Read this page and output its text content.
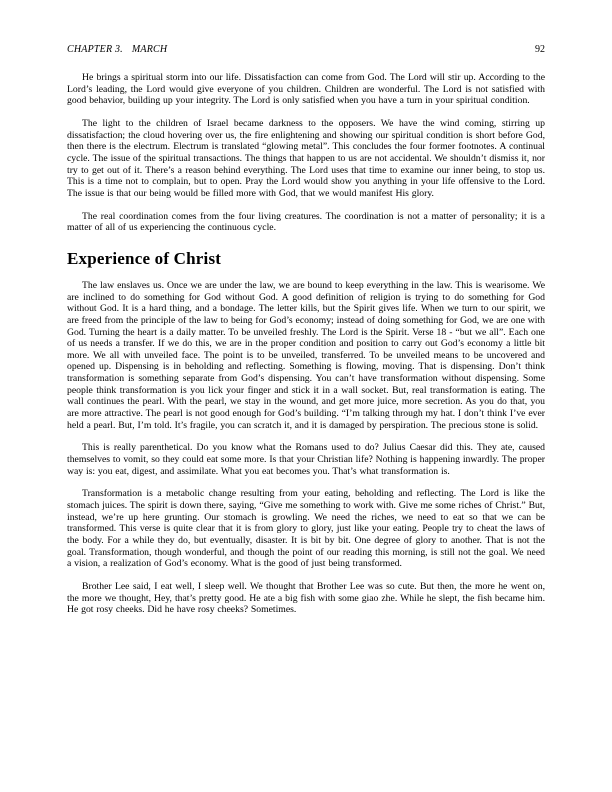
CHAPTER 3. MARCH	92

He brings a spiritual storm into our life. Dissatisfaction can come from God. The Lord will stir up. According to the Lord’s leading, the Lord would give everyone of you children. Children are wonderful. The Lord is not satisfied with good behavior, building up your integrity. The Lord is only satisfied when you have a turn in your spiritual condition.

The light to the children of Israel became darkness to the opposers. We have the wind coming, stirring up dissatisfaction; the cloud hovering over us, the fire enlightening and showing our spiritual condition is short before God, then there is the electrum. Electrum is translated “glowing metal”. This concludes the four former footnotes. A continual cycle. The issue of the spiritual transactions. The things that happen to us are not accidental. We shouldn’t dismiss it, nor try to get out of it. There’s a reason behind everything. The Lord uses that time to examine our inner being, to stop us. This is a time not to complain, but to open. Pray the Lord would show you anything in your life offensive to the Lord. The issue is that our being would be filled more with God, that we would manifest His glory.

The real coordination comes from the four living creatures. The coordination is not a matter of personality; it is a matter of all of us experiencing the continuous cycle.

Experience of Christ

The law enslaves us. Once we are under the law, we are bound to keep everything in the law. This is wearisome. We are inclined to do something for God without God. A good definition of religion is trying to do something for God without God. It is a hard thing, and a bondage. The letter kills, but the Spirit gives life. When we turn to our spirit, we are freed from the principle of the law to being for God’s economy; instead of doing something for God, we are one with God. Turning the heart is a daily matter. To be unveiled freshly. The Lord is the Spirit. Verse 18 - “but we all”. Each one of us needs a transfer. If we do this, we are in the proper condition and position to carry out God’s economy a little bit more. We all with unveiled face. The point is to be unveiled, transferred. To be unveiled means to be uncovered and opened up. Dispensing is in beholding and reflecting. Something is flowing, moving. That is dispensing. Don’t think transformation is something separate from God’s dispensing. You can’t have transformation without dispensing. Some people think transformation is you lick your finger and stick it in a wall socket. But, real transformation is eating. The wall continues the pearl. With the pearl, we stay in the wound, and get more juice, more secretion. As you do that, you are more attractive. The pearl is not good enough for God’s building. “I’m talking through my hat. I don’t think I’ve ever held a pearl. But, I’m told. It’s fragile, you can scratch it, and it is damaged by perspiration. The precious stone is solid.

This is really parenthetical. Do you know what the Romans used to do? Julius Caesar did this. They ate, caused themselves to vomit, so they could eat some more. Is that your Christian life? Nothing is happening inwardly. The proper way is: you eat, digest, and assimilate. What you eat becomes you. That’s what transformation is.

Transformation is a metabolic change resulting from your eating, beholding and reflecting. The Lord is like the stomach juices. The spirit is down there, saying, “Give me something to work with. Give me some riches of Christ.” But, instead, we’re up here grunting. Our stomach is growling. We need the riches, we need to eat so that we can be transformed. This verse is quite clear that it is from glory to glory, just like your eating. People try to cheat the laws of the body. For a while they do, but eventually, disaster. It is bit by bit. One degree of glory to another. That is not the goal. Transformation, though wonderful, and though the point of our reading this morning, is still not the goal. We need a vision, a realization of God’s economy. What is the good of just being transformed.

Brother Lee said, I eat well, I sleep well. We thought that Brother Lee was so cute. But then, the more he went on, the more we thought, Hey, that’s pretty good. He ate a big fish with some giao zhe. While he slept, the fish became him. He got rosy cheeks. Did he have rosy cheeks? Sometimes.
